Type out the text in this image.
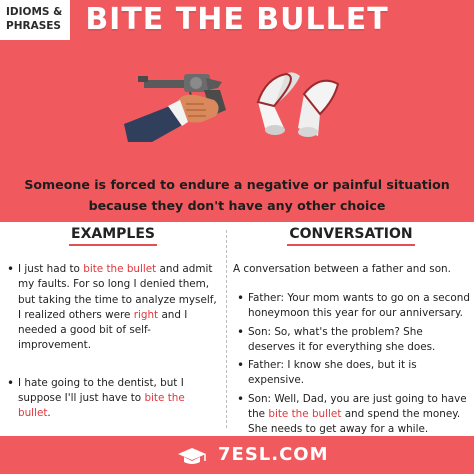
IDIOMS &
PHRASES BITE THE BULLET
Someone is forced to endure a negative or painful situation
because they don't have any other choice
EXAMPLES	CONVERSATION
• I just had to bite the bullet and admit my faults. For so long I denied them, but taking the time to analyze myself, I realized others were right and I needed a good bit of self-improvement.
• I hate going to the dentist, but I suppose I'll just have to bite the bullet.
A conversation between a father and son.
• Father: Your mom wants to go on a second honeymoon this year for our anniversary.
• Son: So, what's the problem? She deserves it for everything she does.
• Father: I know she does, but it is expensive.
• Son: Well, Dad, you are just going to have the bite the bullet and spend the money. She needs to get away for a while.
7ESL.COM
